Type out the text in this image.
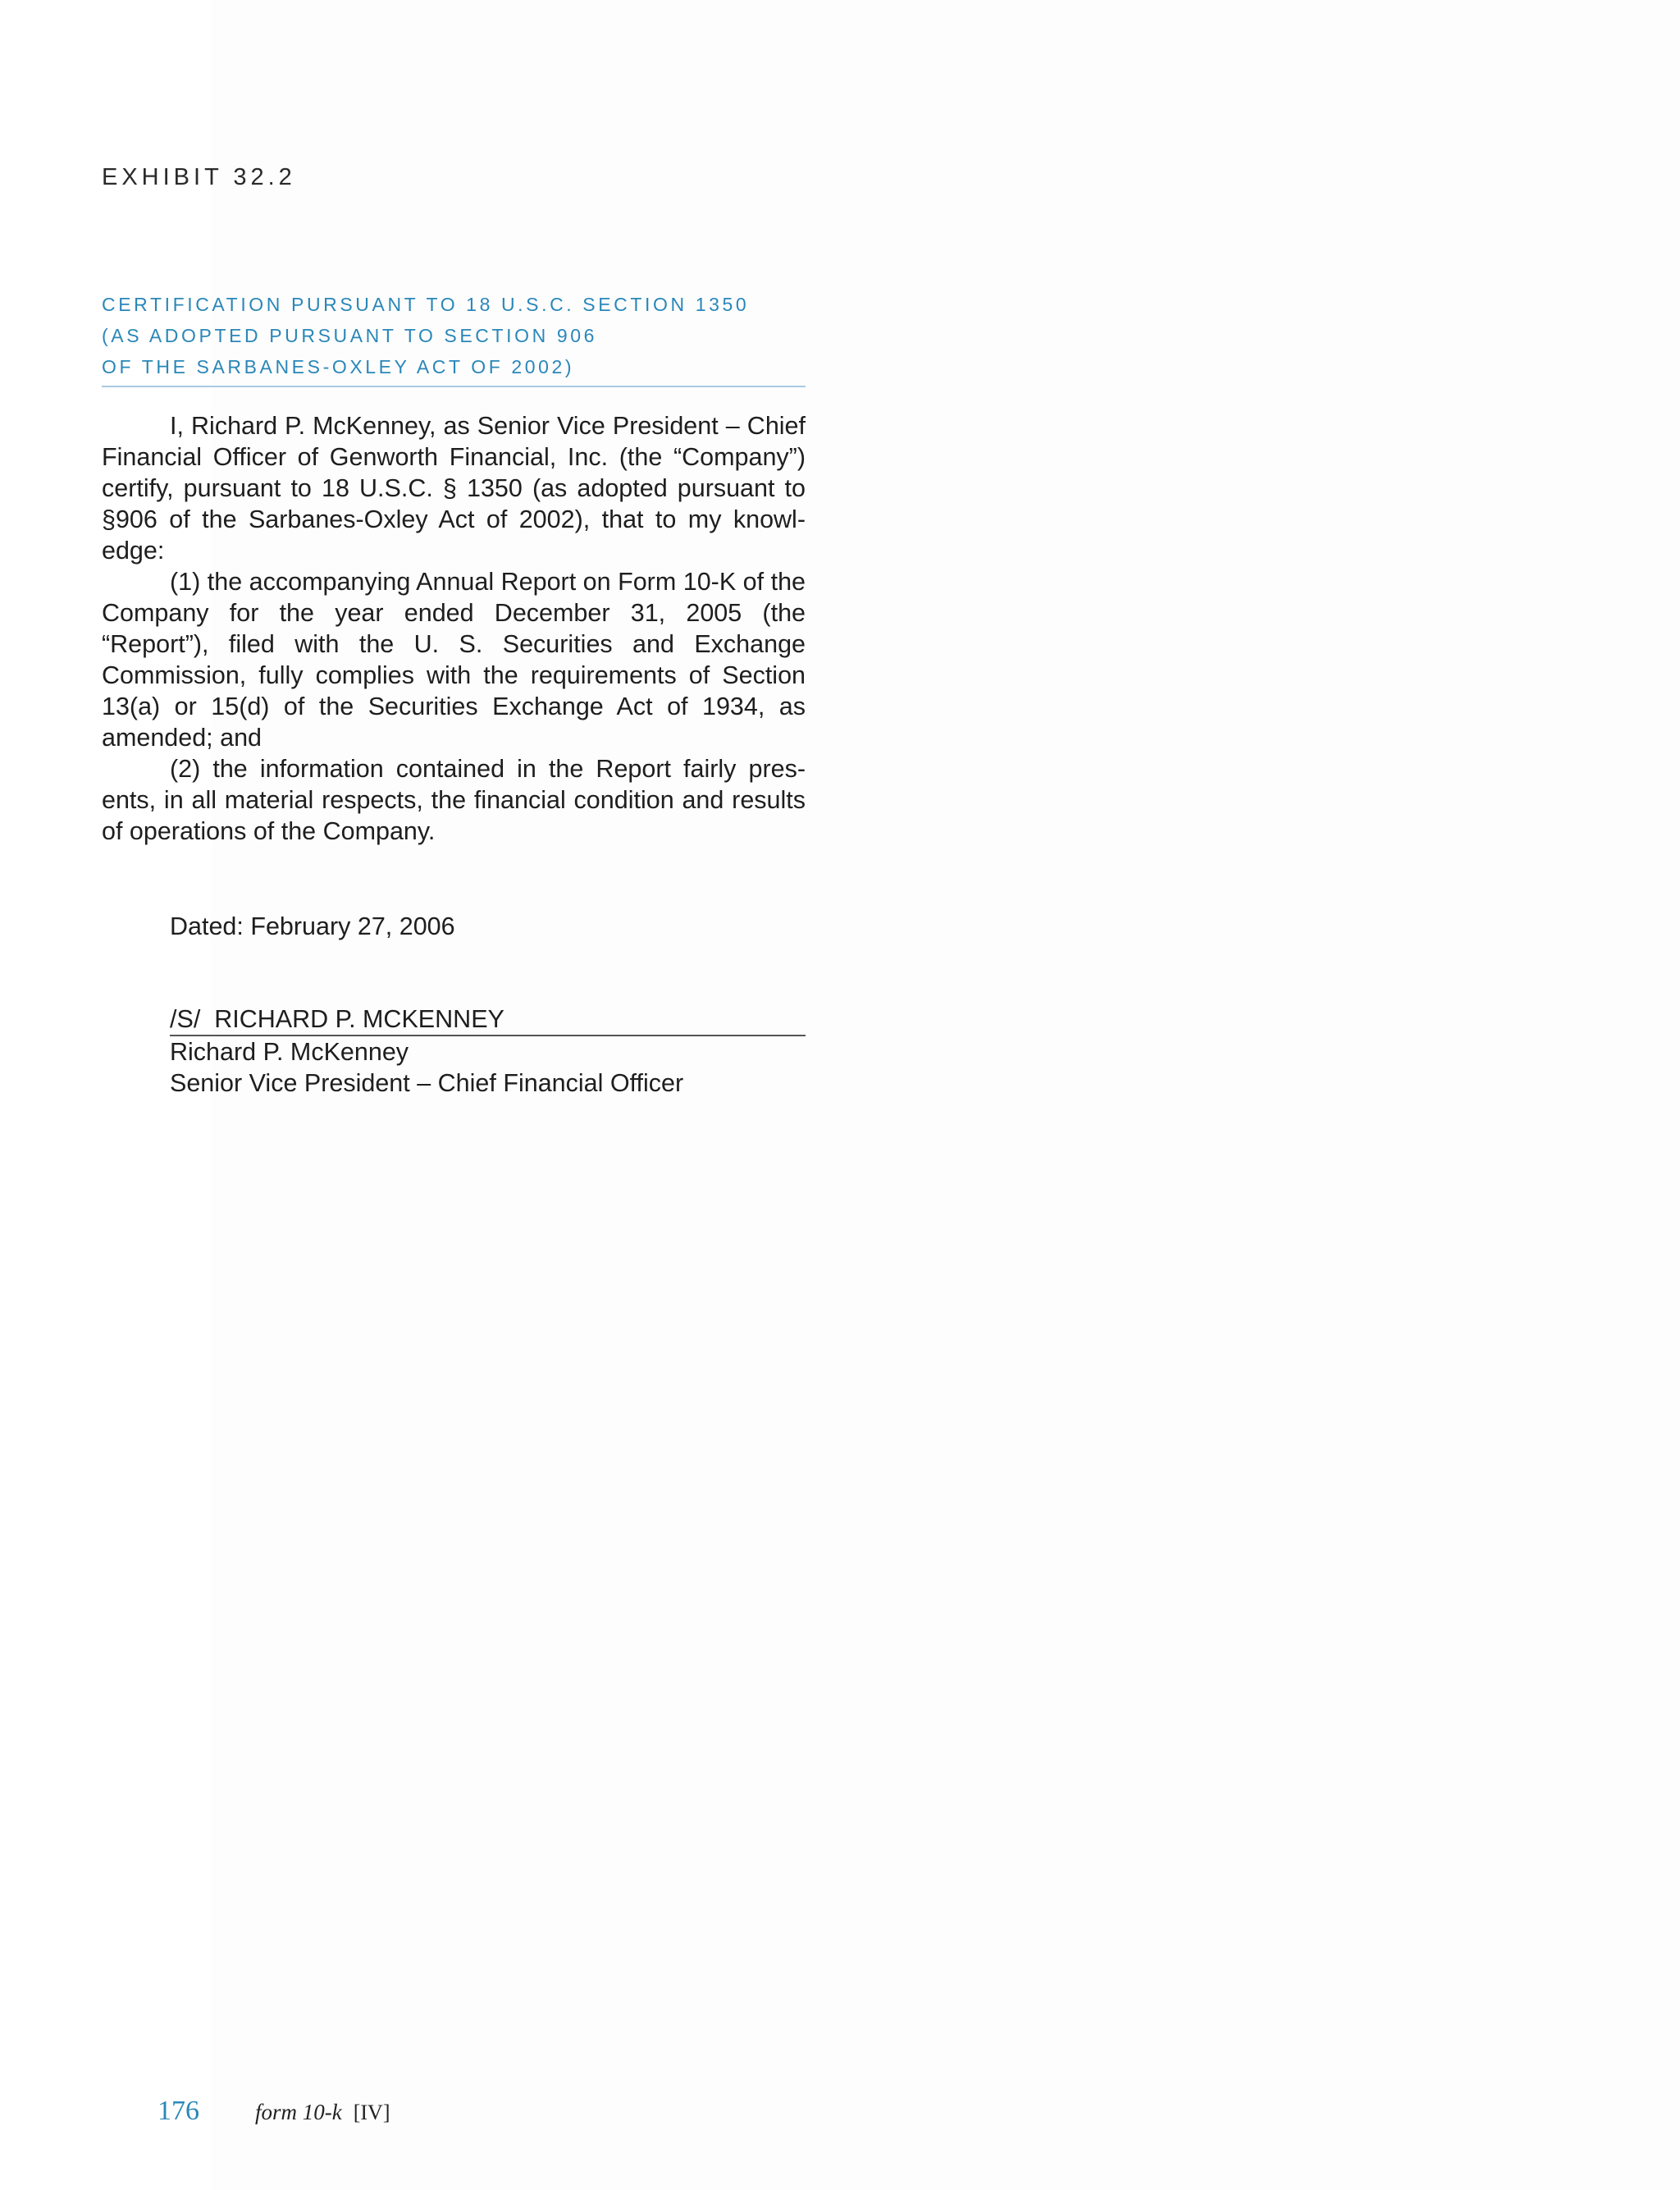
EXHIBIT 32.2
CERTIFICATION PURSUANT TO 18 U.S.C. SECTION 1350
(AS ADOPTED PURSUANT TO SECTION 906
OF THE SARBANES-OXLEY ACT OF 2002)

I, Richard P. McKenney, as Senior Vice President – Chief Financial Officer of Genworth Financial, Inc. (the “Company”) certify, pursuant to 18 U.S.C. § 1350 (as adopted pursuant to §906 of the Sarbanes-Oxley Act of 2002), that to my knowl-edge:

(1) the accompanying Annual Report on Form 10-K of the Company for the year ended December 31, 2005 (the “Report”), filed with the U. S. Securities and Exchange Commission, fully complies with the requirements of Section 13(a) or 15(d) of the Securities Exchange Act of 1934, as amended; and

(2) the information contained in the Report fairly pres-ents, in all material respects, the financial condition and results of operations of the Company.

Dated: February 27, 2006
/S/  RICHARD P. MCKENNEY
Richard P. McKenney
Senior Vice President – Chief Financial Officer
176	form 10-k [IV]
